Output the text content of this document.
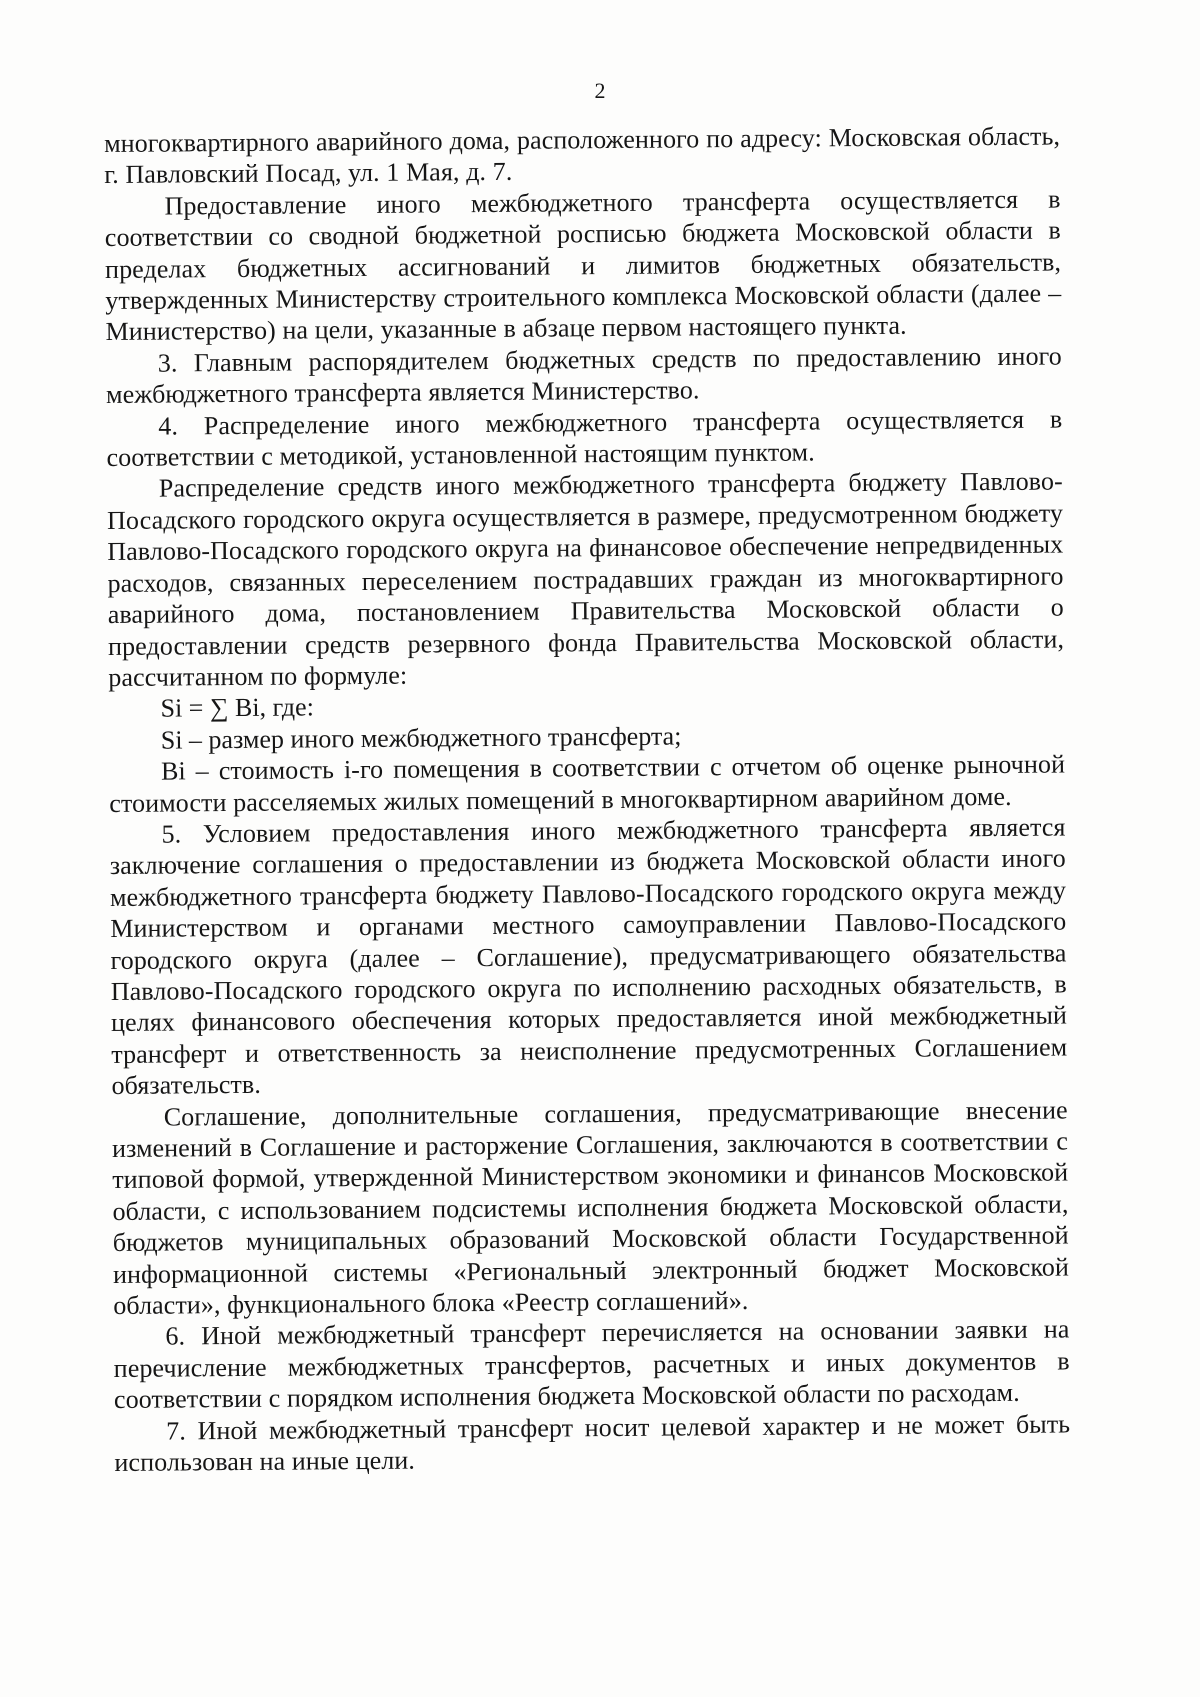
2

многоквартирного аварийного дома, расположенного по адресу: Московская область, г. Павловский Посад, ул. 1 Мая, д. 7.

Предоставление иного межбюджетного трансферта осуществляется в соответствии со сводной бюджетной росписью бюджета Московской области в пределах бюджетных ассигнований и лимитов бюджетных обязательств, утвержденных Министерству строительного комплекса Московской области (далее – Министерство) на цели, указанные в абзаце первом настоящего пункта.

3. Главным распорядителем бюджетных средств по предоставлению иного межбюджетного трансферта является Министерство.

4. Распределение иного межбюджетного трансферта осуществляется в соответствии с методикой, установленной настоящим пунктом.

Распределение средств иного межбюджетного трансферта бюджету Павлово-Посадского городского округа осуществляется в размере, предусмотренном бюджету Павлово-Посадского городского округа на финансовое обеспечение непредвиденных расходов, связанных переселением пострадавших граждан из многоквартирного аварийного дома, постановлением Правительства Московской области о предоставлении средств резервного фонда Правительства Московской области, рассчитанном по формуле:

Si = ∑ Bi, где:

Si – размер иного межбюджетного трансферта;

Bi – стоимость i-го помещения в соответствии с отчетом об оценке рыночной стоимости расселяемых жилых помещений в многоквартирном аварийном доме.

5. Условием предоставления иного межбюджетного трансферта является заключение соглашения о предоставлении из бюджета Московской области иного межбюджетного трансферта бюджету Павлово-Посадского городского округа между Министерством и органами местного самоуправлении Павлово-Посадского городского округа (далее – Соглашение), предусматривающего обязательства Павлово-Посадского городского округа по исполнению расходных обязательств, в целях финансового обеспечения которых предоставляется иной межбюджетный трансферт и ответственность за неисполнение предусмотренных Соглашением обязательств.

Соглашение, дополнительные соглашения, предусматривающие внесение изменений в Соглашение и расторжение Соглашения, заключаются в соответствии с типовой формой, утвержденной Министерством экономики и финансов Московской области, с использованием подсистемы исполнения бюджета Московской области, бюджетов муниципальных образований Московской области Государственной информационной системы «Региональный электронный бюджет Московской области», функционального блока «Реестр соглашений».

6. Иной межбюджетный трансферт перечисляется на основании заявки на перечисление межбюджетных трансфертов, расчетных и иных документов в соответствии с порядком исполнения бюджета Московской области по расходам.

7. Иной межбюджетный трансферт носит целевой характер и не может быть использован на иные цели.
